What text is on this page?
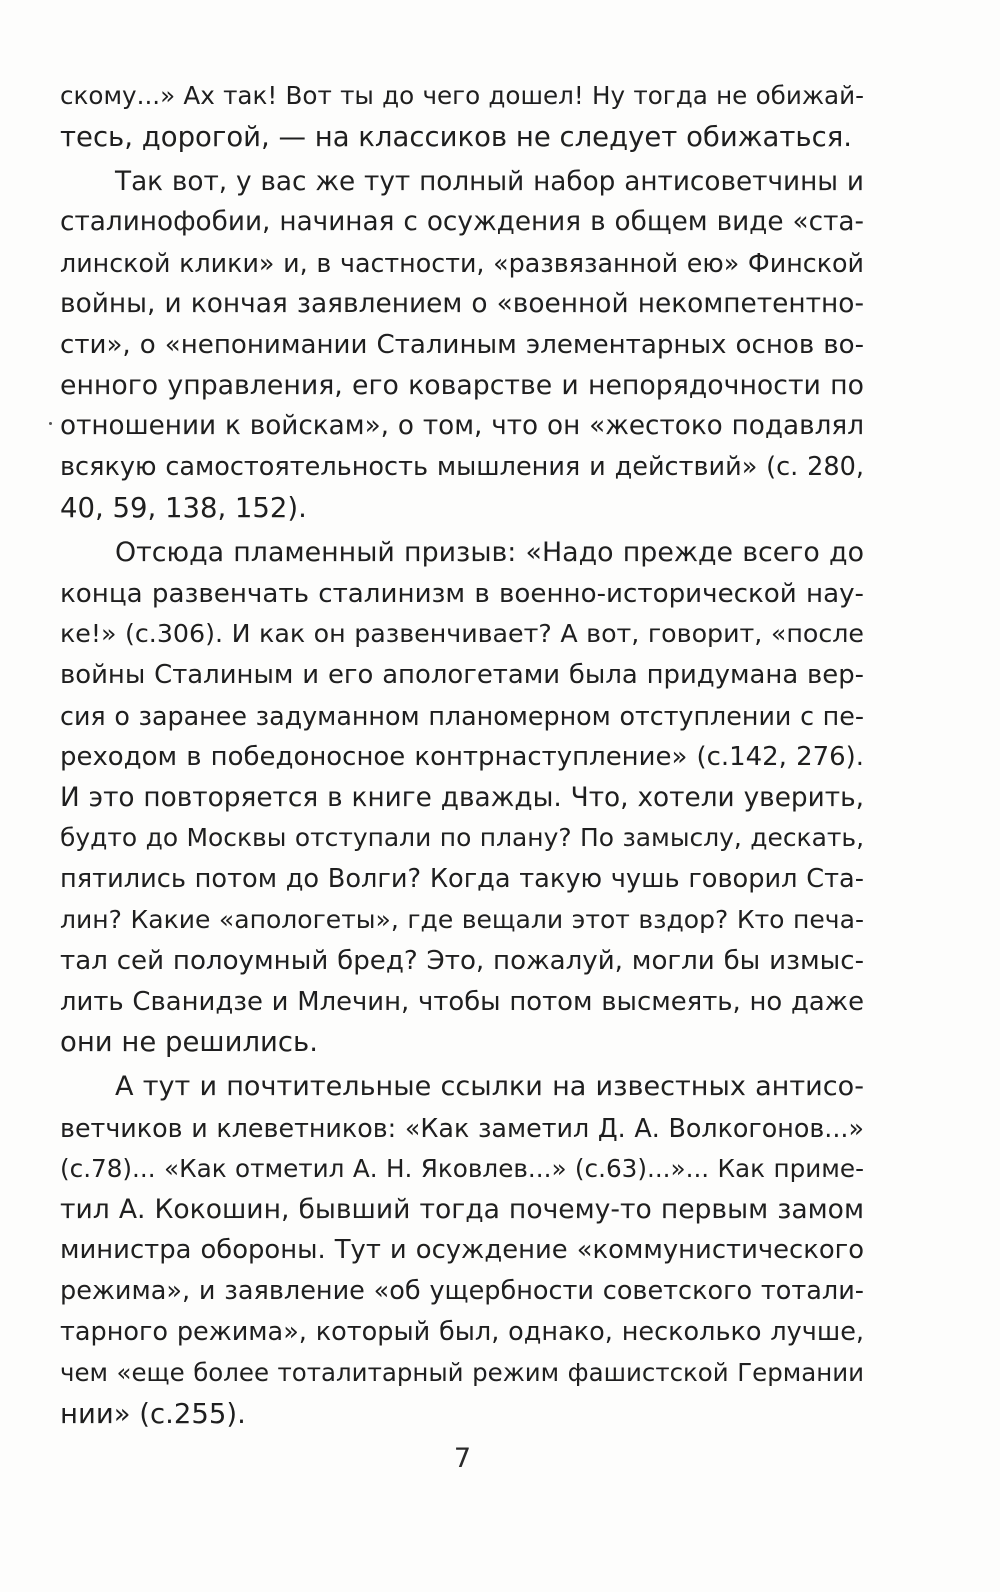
скому...» Ах так! Вот ты до чего дошел! Ну тогда не обижай-
тесь, дорогой, — на классиков не следует обижаться.
Так вот, у вас же тут полный набор антисоветчины и
сталинофобии, начиная с осуждения в общем виде «ста-
линской клики» и, в частности, «развязанной ею» Финской
войны, и кончая заявлением о «военной некомпетентно-
сти», о «непонимании Сталиным элементарных основ во-
енного управления, его коварстве и непорядочности по
отношении к войскам», о том, что он «жестоко подавлял
всякую самостоятельность мышления и действий» (с. 280,
40, 59, 138, 152).
Отсюда пламенный призыв: «Надо прежде всего до
конца развенчать сталинизм в военно-исторической нау-
ке!» (с.306). И как он развенчивает? А вот, говорит, «после
войны Сталиным и его апологетами была придумана вер-
сия о заранее задуманном планомерном отступлении с пе-
реходом в победоносное контрнаступление» (с.142, 276).
И это повторяется в книге дважды. Что, хотели уверить,
будто до Москвы отступали по плану? По замыслу, дескать,
пятились потом до Волги? Когда такую чушь говорил Ста-
лин? Какие «апологеты», где вещали этот вздор? Кто печа-
тал сей полоумный бред? Это, пожалуй, могли бы измыс-
лить Сванидзе и Млечин, чтобы потом высмеять, но даже
они не решились.
А тут и почтительные ссылки на известных антисо-
ветчиков и клеветников: «Как заметил Д. А. Волкогонов...»
(с.78)... «Как отметил А. Н. Яковлев...» (с.63)...»... Как приме-
тил А. Кокошин, бывший тогда почему-то первым замом
министра обороны. Тут и осуждение «коммунистического
режима», и заявление «об ущербности советского тотали-
тарного режима», который был, однако, несколько лучше,
чем «еще более тоталитарный режим фашистской Германии
нии» (с.255).
7
